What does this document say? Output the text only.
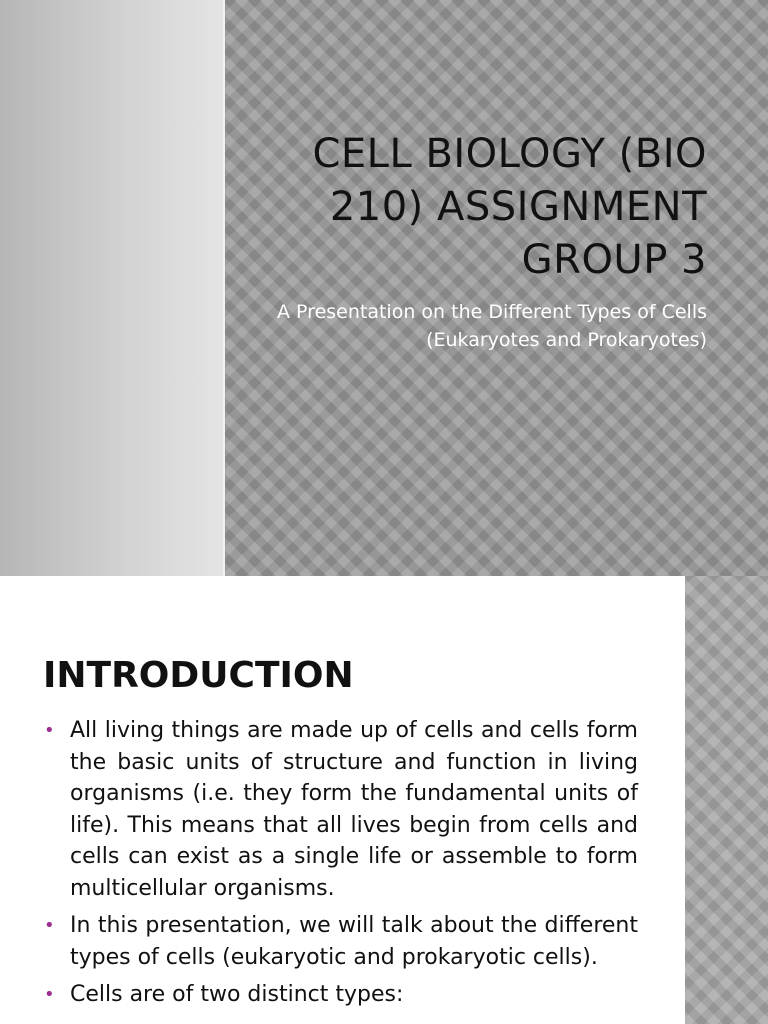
CELL BIOLOGY (BIO 210) ASSIGNMENT GROUP 3

A Presentation on the Different Types of Cells (Eukaryotes and Prokaryotes)

INTRODUCTION
• All living things are made up of cells and cells form the basic units of structure and function in living organisms (i.e. they form the fundamental units of life). This means that all lives begin from cells and cells can exist as a single life or assemble to form multicellular organisms.
• In this presentation, we will talk about the different types of cells (eukaryotic and prokaryotic cells).
• Cells are of two distinct types:
